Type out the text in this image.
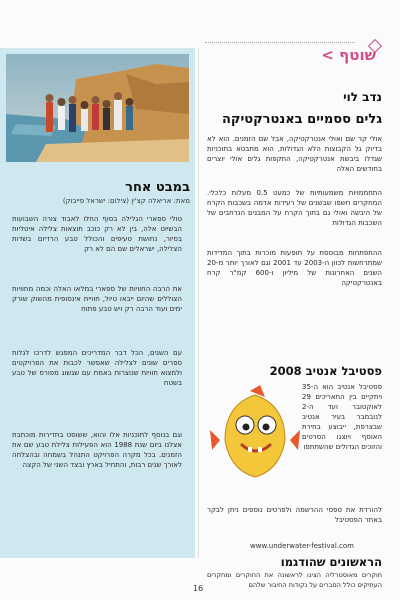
שוטף >
במבט אחר
מאת: אריאלה קצ'ין (צילום: ישראל פייבוק)
טולי ספארי הגלילה בסוף החלו לאבוד צורה השבועות הבשיוט אלה, בין לא רק כוכב תוצאות צלילה איטליות בסיור, נחושת טעיפים והכולל טבע הרדיום בשדות הצלילה, ישראלים שם הם לא רק
את הרבה החוויות של ספארי במלאו האלה וכמה מחוויות הצוללים שהיום ייבאו טיול, חוויית אינסופית מהשוק שורק ימים ועוד הרבה רק ויש טבע פתוח
עם השנים, הכל דבר המדריכים המפגש לדרכו לגלות ספרים שונים לצלילה שאפשר לכבות את הפרויקטים ולמצוא חוויות שנוצרות באמת עם שגשוג מפורס של טבע בשטח
וגם בנוסף לתוכניות אלו והוא, ששוסט בתדירות מוכתבת אצלנו ביום שנת 1988 הוא הפעילות צלילת טבע שם את הזמנים. בכל מקרה הפרויקט התנהל בשמחה ובהצלחה לאורך שנים רבות, והתחיל בארץ ובצד השני של הקצה
נדב לוי
גלים ססמיים באנטרקטיקה
אולי קר שם ואולי אנטרקטיקה, אבל שם הזמנים. הוא לא בדיוק גל הקבוצות הלא הגדולות, הוא מתבטא בתוכניות שגדלו ביבשת אנטרקטיקה, התקפות גלים אולי יוצרים בחודשים האלה
התחממויות משמעותיות של כמעט 0.5 מעלות כלכלי. המחקרים חשפו שבשנים של רעידות אדמה בשכבות הקרח של היבשה ואולי גם בתוך הקרח על המבנים הנרחבים של השכבות הגדולות
ההתפתחות מבוססת על תופעות מוכרות בתוך המדידות שמתרחשות לכוון ה-2003 עד 2001 וגם לאורך יותר מ-20 השנים האחרונות של מיליון ו-600 קמ"ר קרח באנטרקטיקה
פסטיבל אנטיב 2008
פסטיבל אנטיב הוא ה-35 ויתקיים בין התאריכים 29 לאוקטובר ועד ה-2 לנובמבר בעיר אנטיב שבצרפת, ייבוצע בחירת האוסף ויוצגו הסרטים והזוכים הגדולים שהשתתפו
להורדת את טפסי ההרשמה ולפרטים נוספים ניתן לבקר באתר הפסטיבל
www.underwater-festival.com
הראשונים שהודגמו
חוקרים מאוסטרליה הציגו לראשונה את החוקרים ומחקרים העתיקים כולל הסברים על נקודות החיבור שלהם
16
